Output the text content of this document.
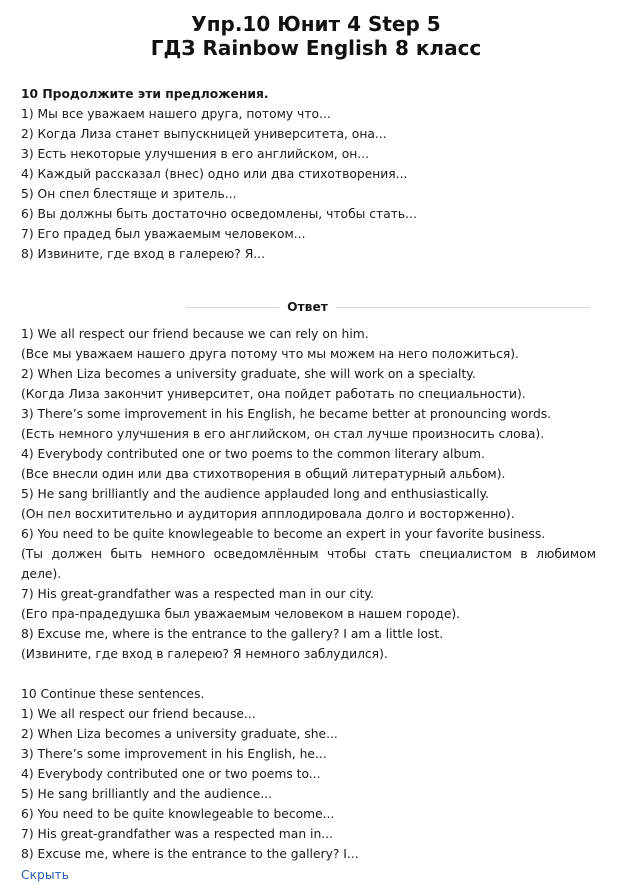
Упр.10 Юнит 4 Step 5
ГДЗ Rainbow English 8 класс
10 Продолжите эти предложения.
1) Мы все уважаем нашего друга, потому что...
2) Когда Лиза станет выпускницей университета, она...
3) Есть некоторые улучшения в его английском, он...
4) Каждый рассказал (внес) одно или два стихотворения...
5) Он спел блестяще и зритель...
6) Вы должны быть достаточно осведомлены, чтобы стать...
7) Его прадед был уважаемым человеком...
8) Извините, где вход в галерею? Я...
Ответ
1) We all respect our friend because we can rely on him.
(Все мы уважаем нашего друга потому что мы можем на него положиться).
2) When Liza becomes a university graduate, she will work on a specialty.
(Когда Лиза закончит университет, она пойдет работать по специальности).
3) There’s some improvement in his English, he became better at pronouncing words.
(Есть немного улучшения в его английском, он стал лучше произносить слова).
4) Everybody contributed one or two poems to the common literary album.
(Все внесли один или два стихотворения в общий литературный альбом).
5) He sang brilliantly and the audience applauded long and enthusiastically.
(Он пел восхитительно и аудитория апплодировала долго и восторженно).
6) You need to be quite knowlegeable to become an expert in your favorite business.
(Ты должен быть немного осведомлённым чтобы стать специалистом в любимом деле).
7) His great-grandfather was a respected man in our city.
(Его пра-прадедушка был уважаемым человеком в нашем городе).
8) Excuse me, where is the entrance to the gallery? I am a little lost.
(Извините, где вход в галерею? Я немного заблудился).
10 Continue these sentences.
1) We all respect our friend because...
2) When Liza becomes a university graduate, she...
3) There’s some improvement in his English, he...
4) Everybody contributed one or two poems to...
5) He sang brilliantly and the audience...
6) You need to be quite knowlegeable to become...
7) His great-grandfather was a respected man in...
8) Excuse me, where is the entrance to the gallery? I...
Скрыть
